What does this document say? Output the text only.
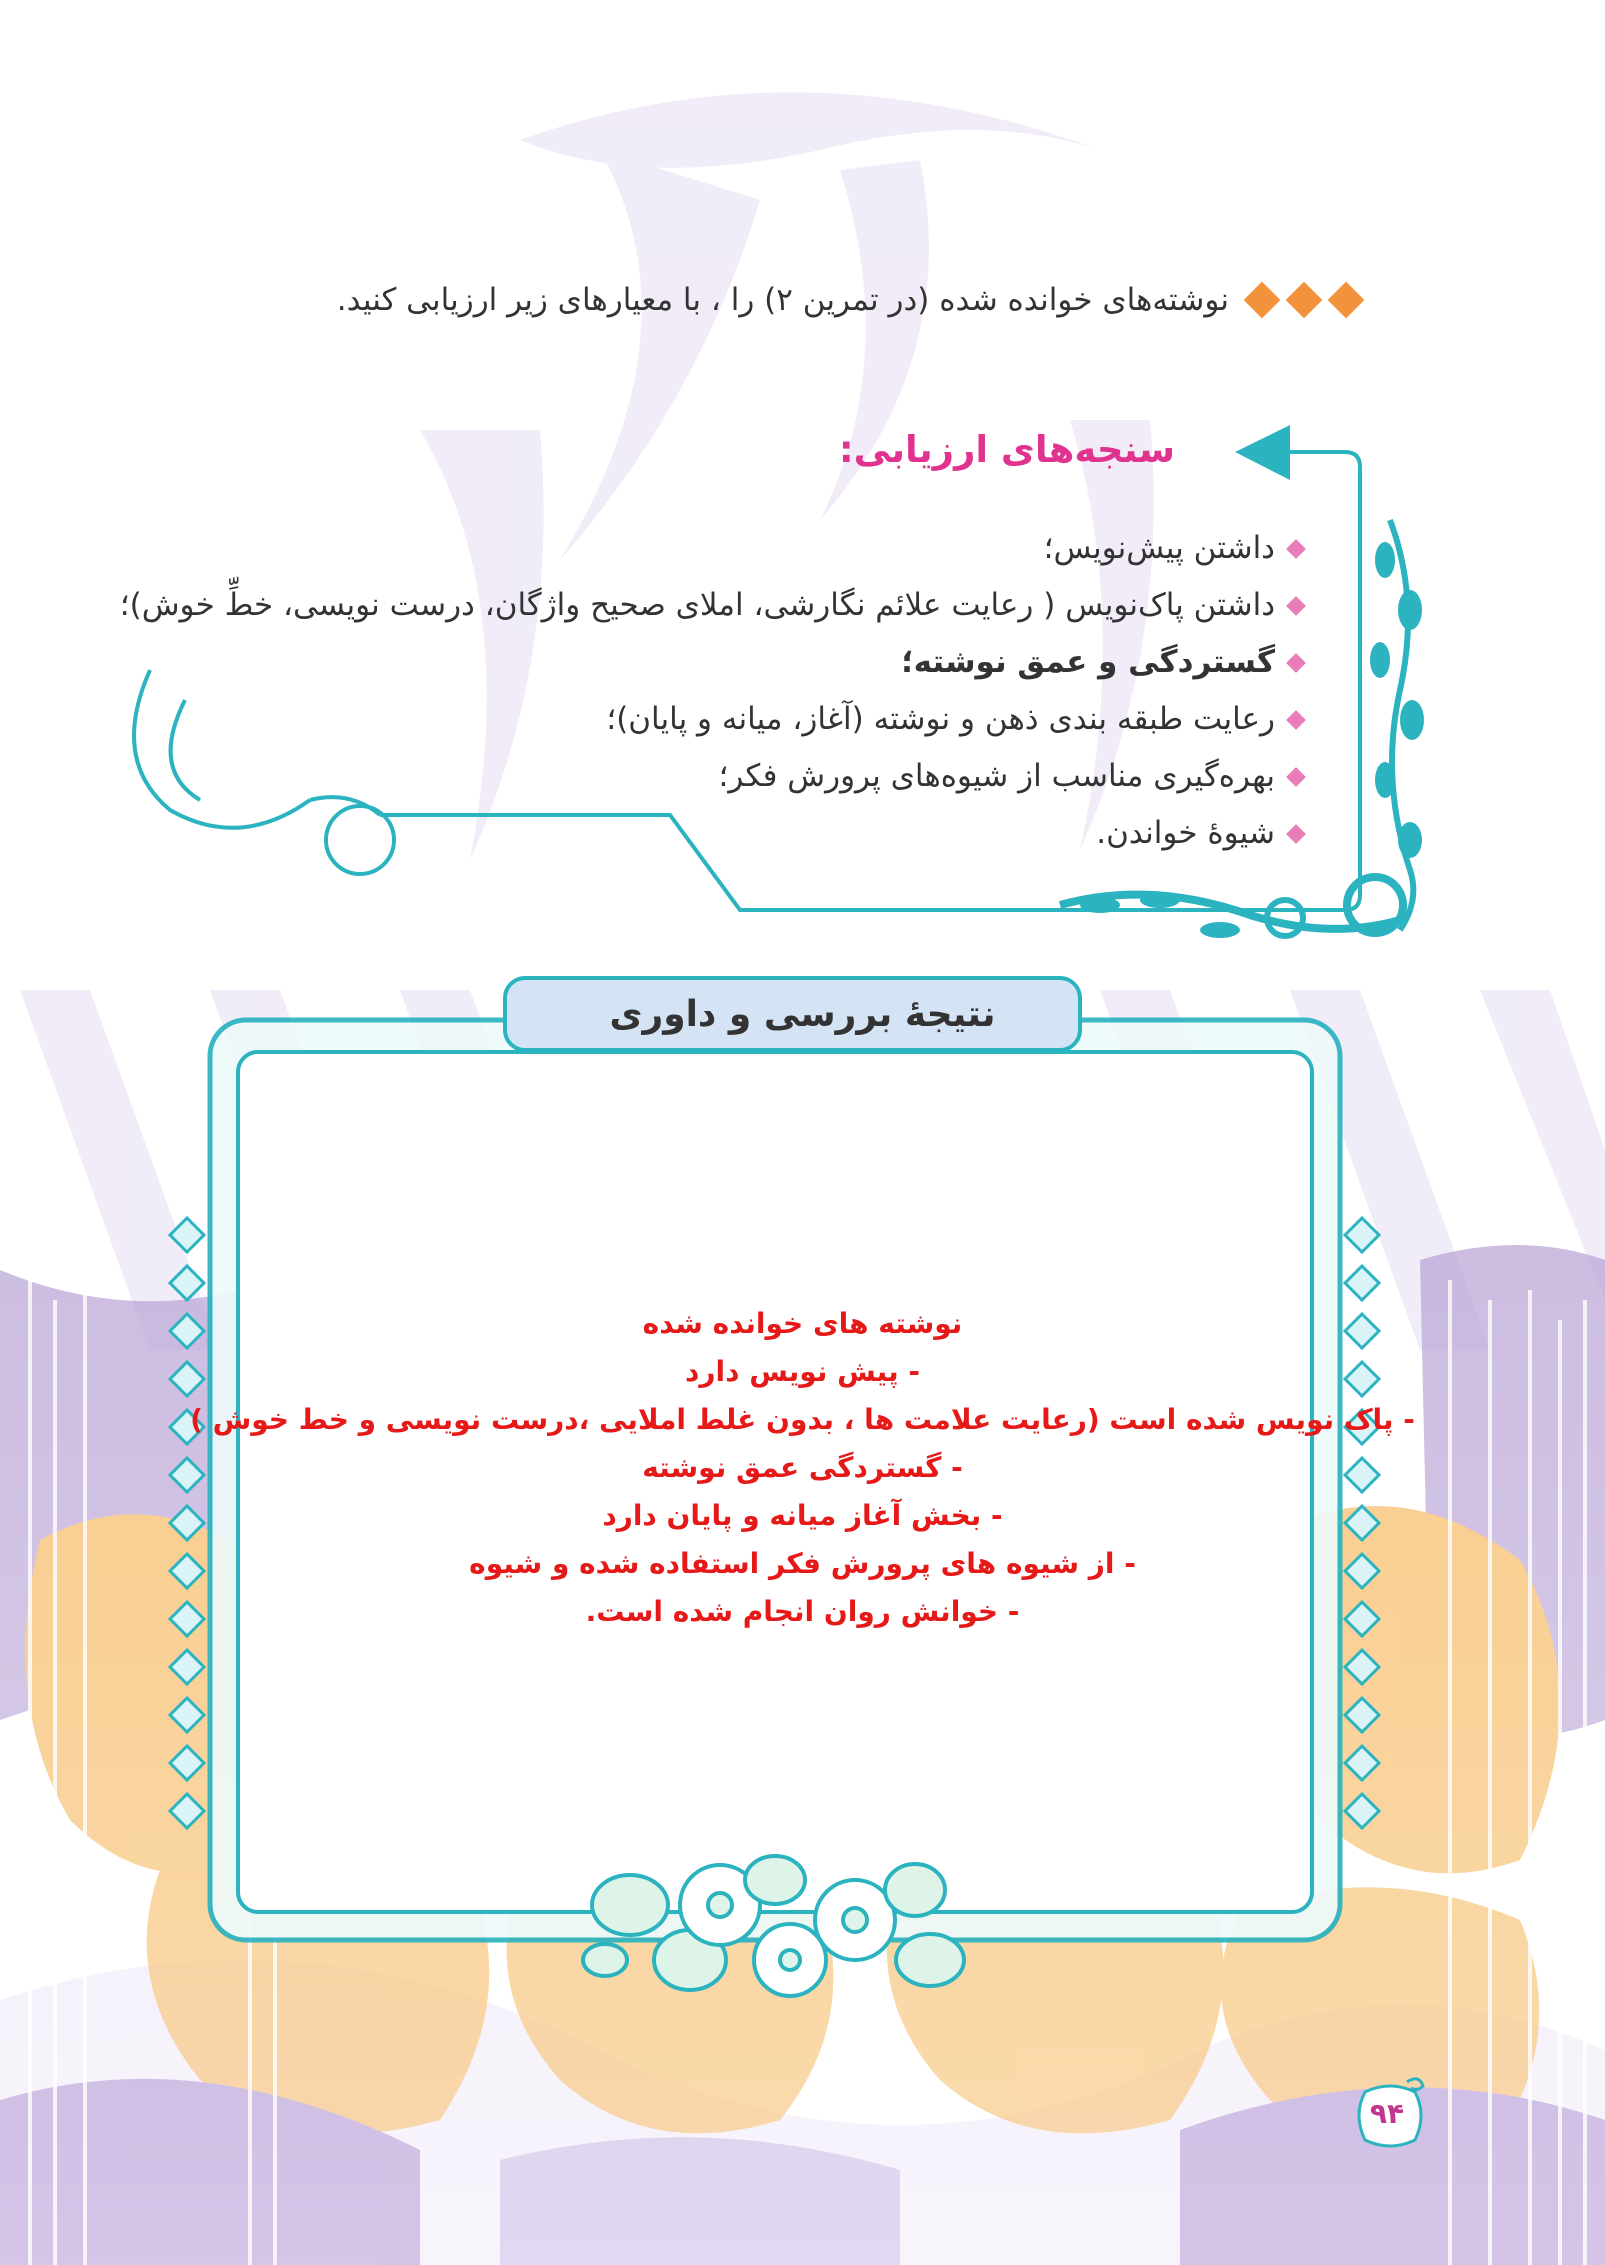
نوشته‌های خوانده شده (در تمرین ۲) را ، با معیارهای زیر ارزیابی کنید.
سنجه‌های ارزیابی:
داشتن پیش‌نویس؛
داشتن پاک‌نویس ( رعایت علائم نگارشی، املای صحیح واژگان، درست نویسی، خطِّ خوش)؛
گستردگی و عمق نوشته؛
رعایت طبقه بندی ذهن و نوشته (آغاز، میانه و پایان)؛
بهره‌گیری مناسب از شیوه‌های پرورش فکر؛
شیوهٔ خواندن.
نتیجهٔ بررسی و داوری
نوشته های خوانده شده
- پیش نویس دارد
- پاک نویس شده است (رعایت علامت ها ، بدون غلط املایی ،درست نویسی و خط خوش )
- گستردگی عمق نوشته
- بخش آغاز میانه و پایان دارد
- از شیوه های پرورش فکر استفاده شده و شیوه
- خوانش روان انجام شده است.
۹۴
